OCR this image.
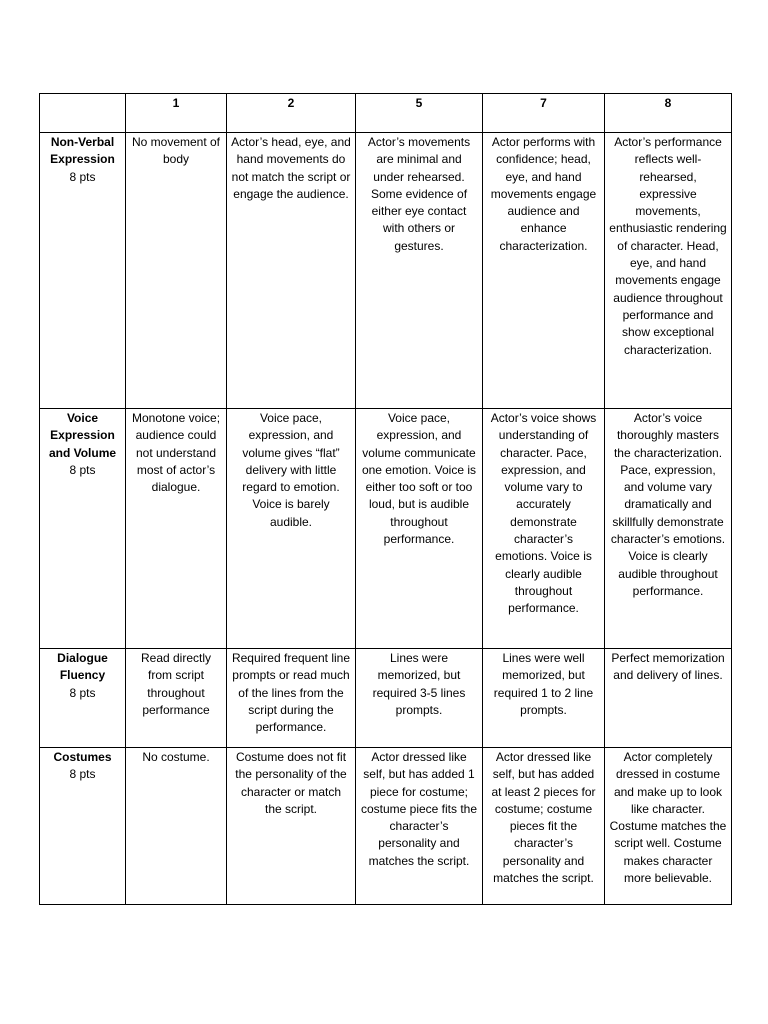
	1	2	5	7	8

Non-Verbal Expression
8 pts	No movement of body	Actor’s head, eye, and hand movements do not match the script or engage the audience.	Actor’s movements are minimal and under rehearsed. Some evidence of either eye contact with others or gestures.	Actor performs with confidence; head, eye, and hand movements engage audience and enhance characterization.	Actor’s performance reflects well-rehearsed, expressive movements, enthusiastic rendering of character. Head, eye, and hand movements engage audience throughout performance and show exceptional characterization.

Voice Expression and Volume
8 pts	Monotone voice; audience could not understand most of actor’s dialogue.	Voice pace, expression, and volume gives “flat” delivery with little regard to emotion. Voice is barely audible.	Voice pace, expression, and volume communicate one emotion. Voice is either too soft or too loud, but is audible throughout performance.	Actor’s voice shows understanding of character. Pace, expression, and volume vary to accurately demonstrate character’s emotions. Voice is clearly audible throughout performance.	Actor’s voice thoroughly masters the characterization. Pace, expression, and volume vary dramatically and skillfully demonstrate character’s emotions. Voice is clearly audible throughout performance.

Dialogue Fluency
8 pts	Read directly from script throughout performance	Required frequent line prompts or read much of the lines from the script during the performance.	Lines were memorized, but required 3-5 lines prompts.	Lines were well memorized, but required 1 to 2 line prompts.	Perfect memorization and delivery of lines.

Costumes
8 pts	No costume.	Costume does not fit the personality of the character or match the script.	Actor dressed like self, but has added 1 piece for costume; costume piece fits the character’s personality and matches the script.	Actor dressed like self, but has added at least 2 pieces for costume; costume pieces fit the character’s personality and matches the script.	Actor completely dressed in costume and make up to look like character. Costume matches the script well. Costume makes character more believable.
